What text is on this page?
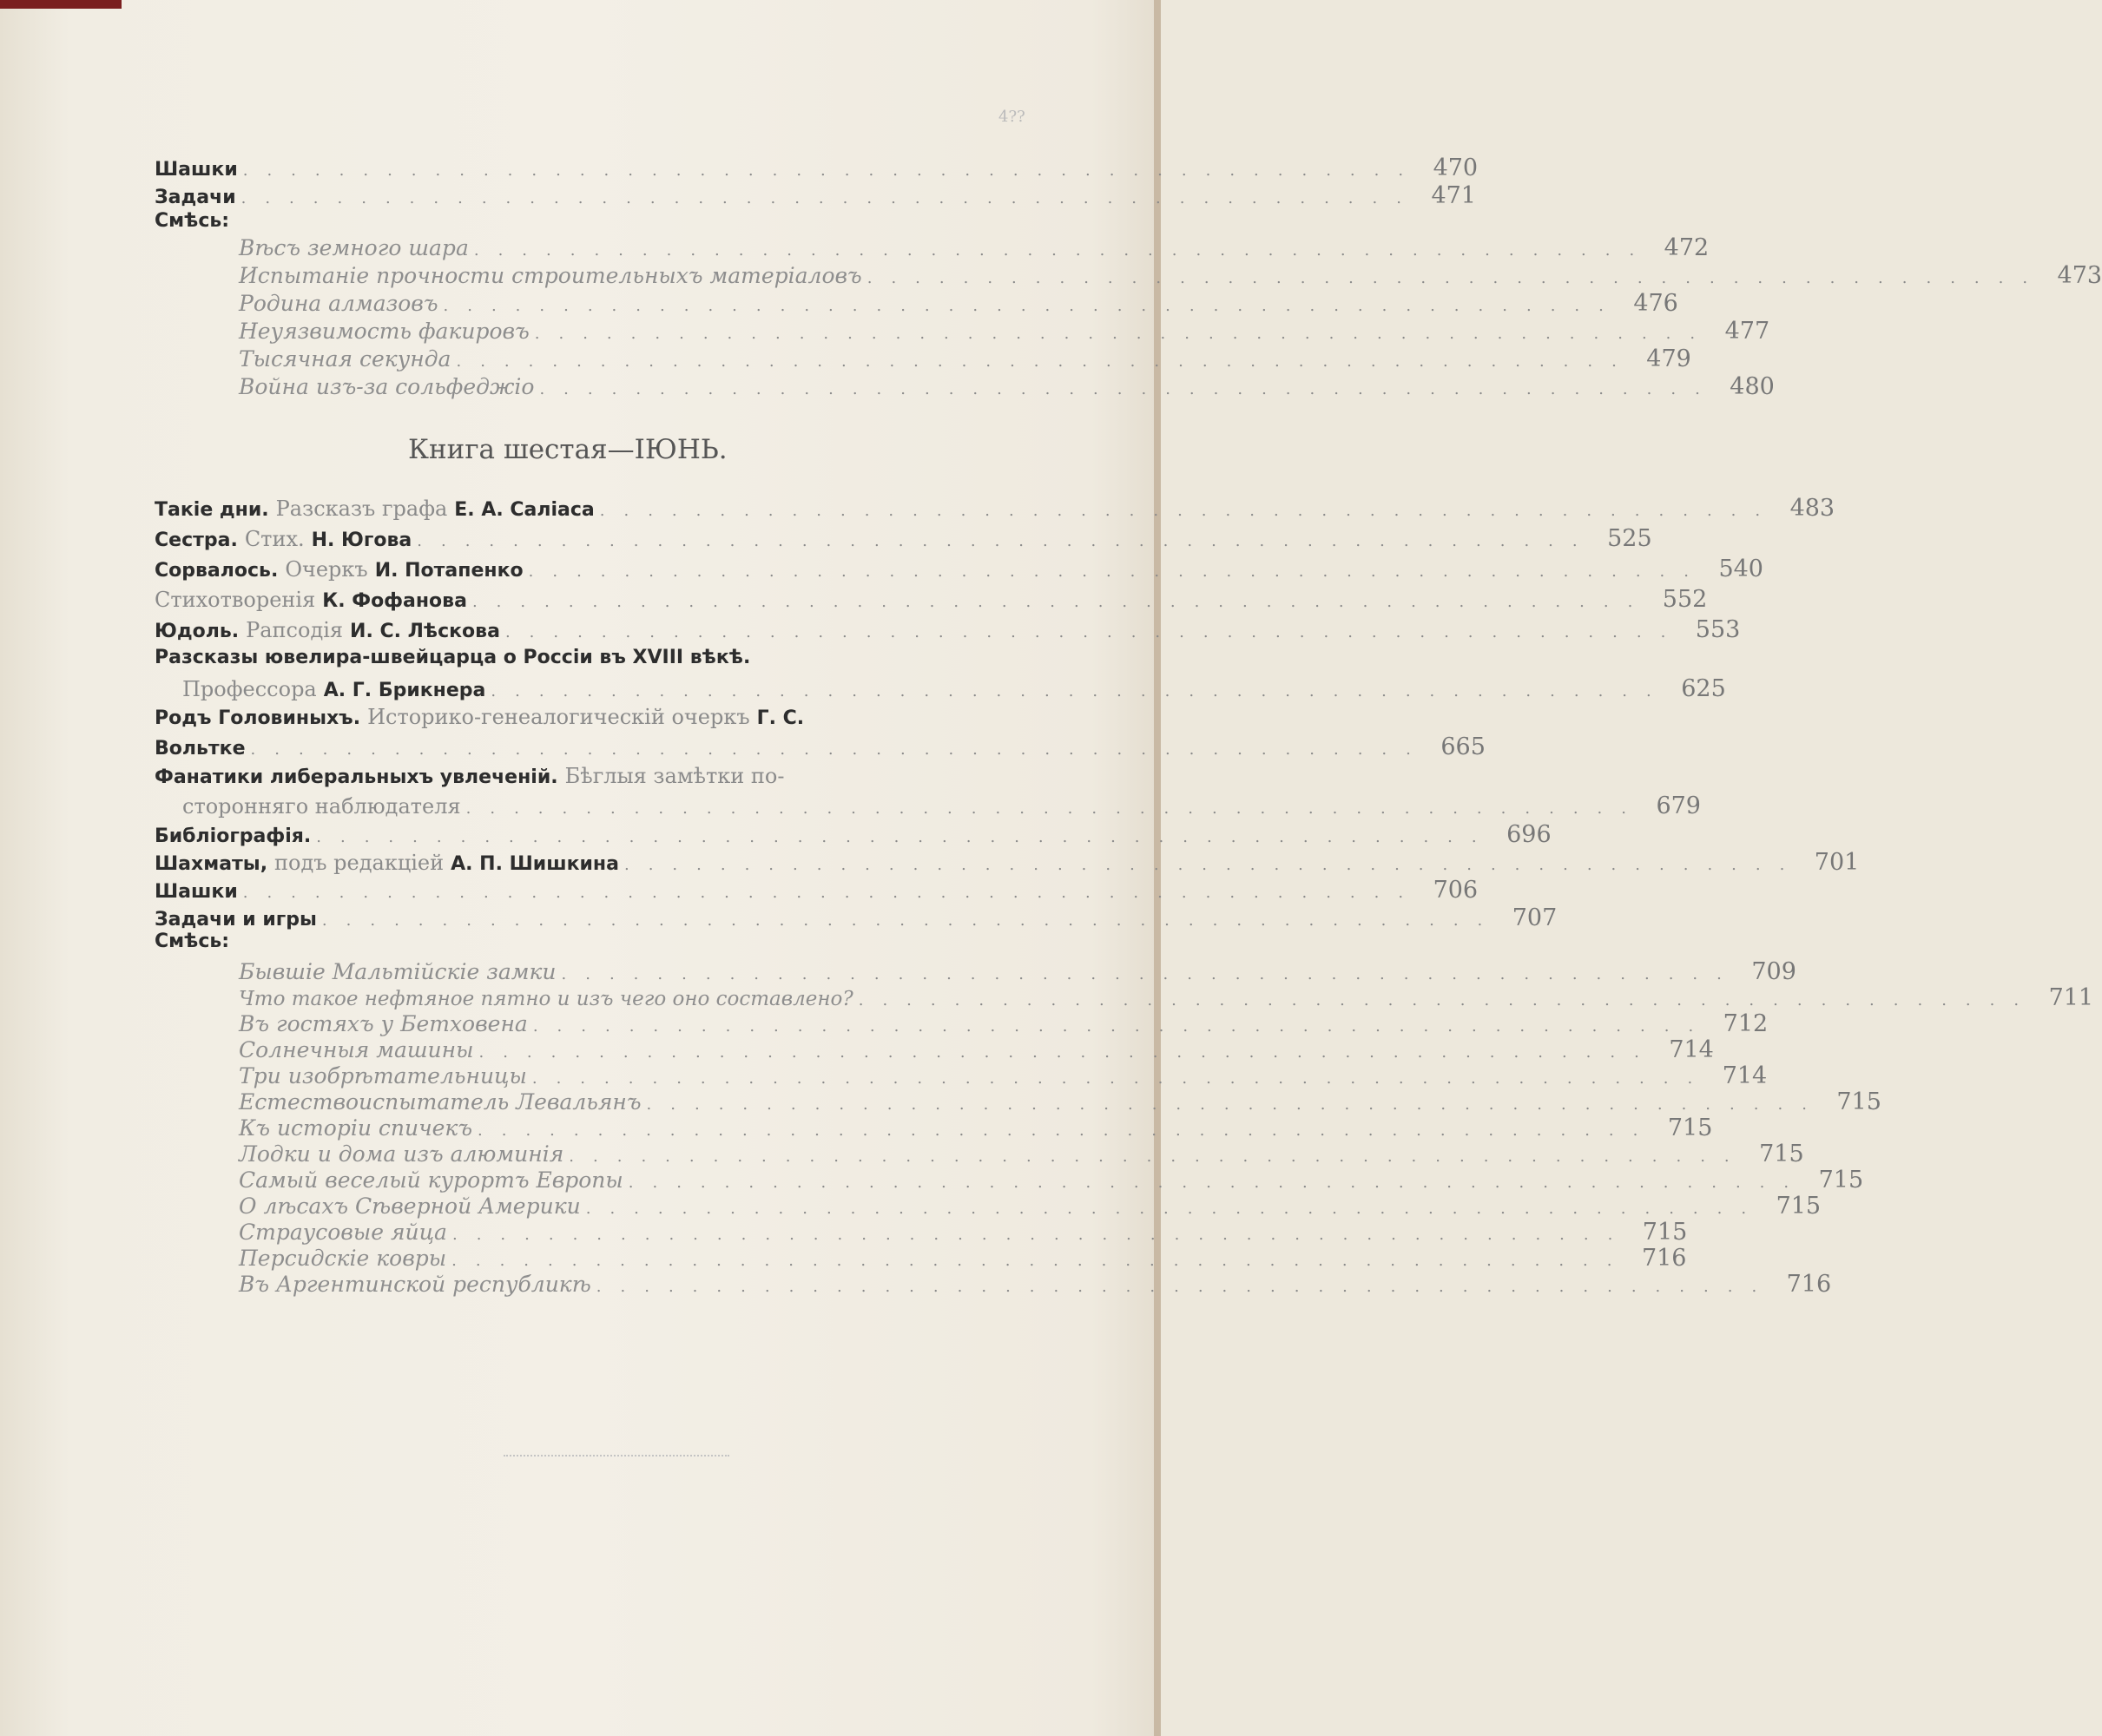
4??
Шашки ................................................. 470
Задачи ................................................. 471
Смѣсь:
Вѣсъ земного шара ................................................. 472
Испытаніе прочности строительныхъ матеріаловъ ................................................. 473
Родина алмазовъ ................................................. 476
Неуязвимость факировъ ................................................. 477
Тысячная секунда ................................................. 479
Война изъ-за сольфеджіо ................................................. 480
Книга шестая—ІЮНЬ.
Такіе дни. Разсказъ графа Е. А. Саліаса ................................................. 483
Сестра. Стих. Н. Югова ................................................. 525
Сорвалось. Очеркъ И. Потапенко ................................................. 540
Стихотворенія К. Фофанова ................................................. 552
Юдоль. Рапсодія И. С. Лѣскова ................................................. 553
Разсказы ювелира-швейцарца о Россіи въ XVIII вѣкѣ.
Профессора А. Г. Брикнера ................................................. 625
Родъ Головиныхъ. Историко-генеалогическій очеркъ Г. С.
Вольтке ................................................. 665
Фанатики либеральныхъ увлеченій. Бѣглыя замѣтки по-
сторонняго наблюдателя ................................................. 679
Библіографія. ................................................. 696
Шахматы, подъ редакціей А. П. Шишкина ................................................. 701
Шашки ................................................. 706
Задачи и игры ................................................. 707
Смѣсь:
Бывшіе Мальтійскіе замки ................................................. 709
Что такое нефтяное пятно и изъ чего оно составлено? ................................................. 711
Въ гостяхъ у Бетховена ................................................. 712
Солнечныя машины ................................................. 714
Три изобрѣтательницы ................................................. 714
Естествоиспытатель Левальянъ ................................................. 715
Къ исторіи спичекъ ................................................. 715
Лодки и дома изъ алюминія ................................................. 715
Самый веселый курортъ Европы ................................................. 715
О лѣсахъ Сѣверной Америки ................................................. 715
Страусовые яйца ................................................. 715
Персидскіе ковры ................................................. 716
Въ Аргентинской республикѣ ................................................. 716
